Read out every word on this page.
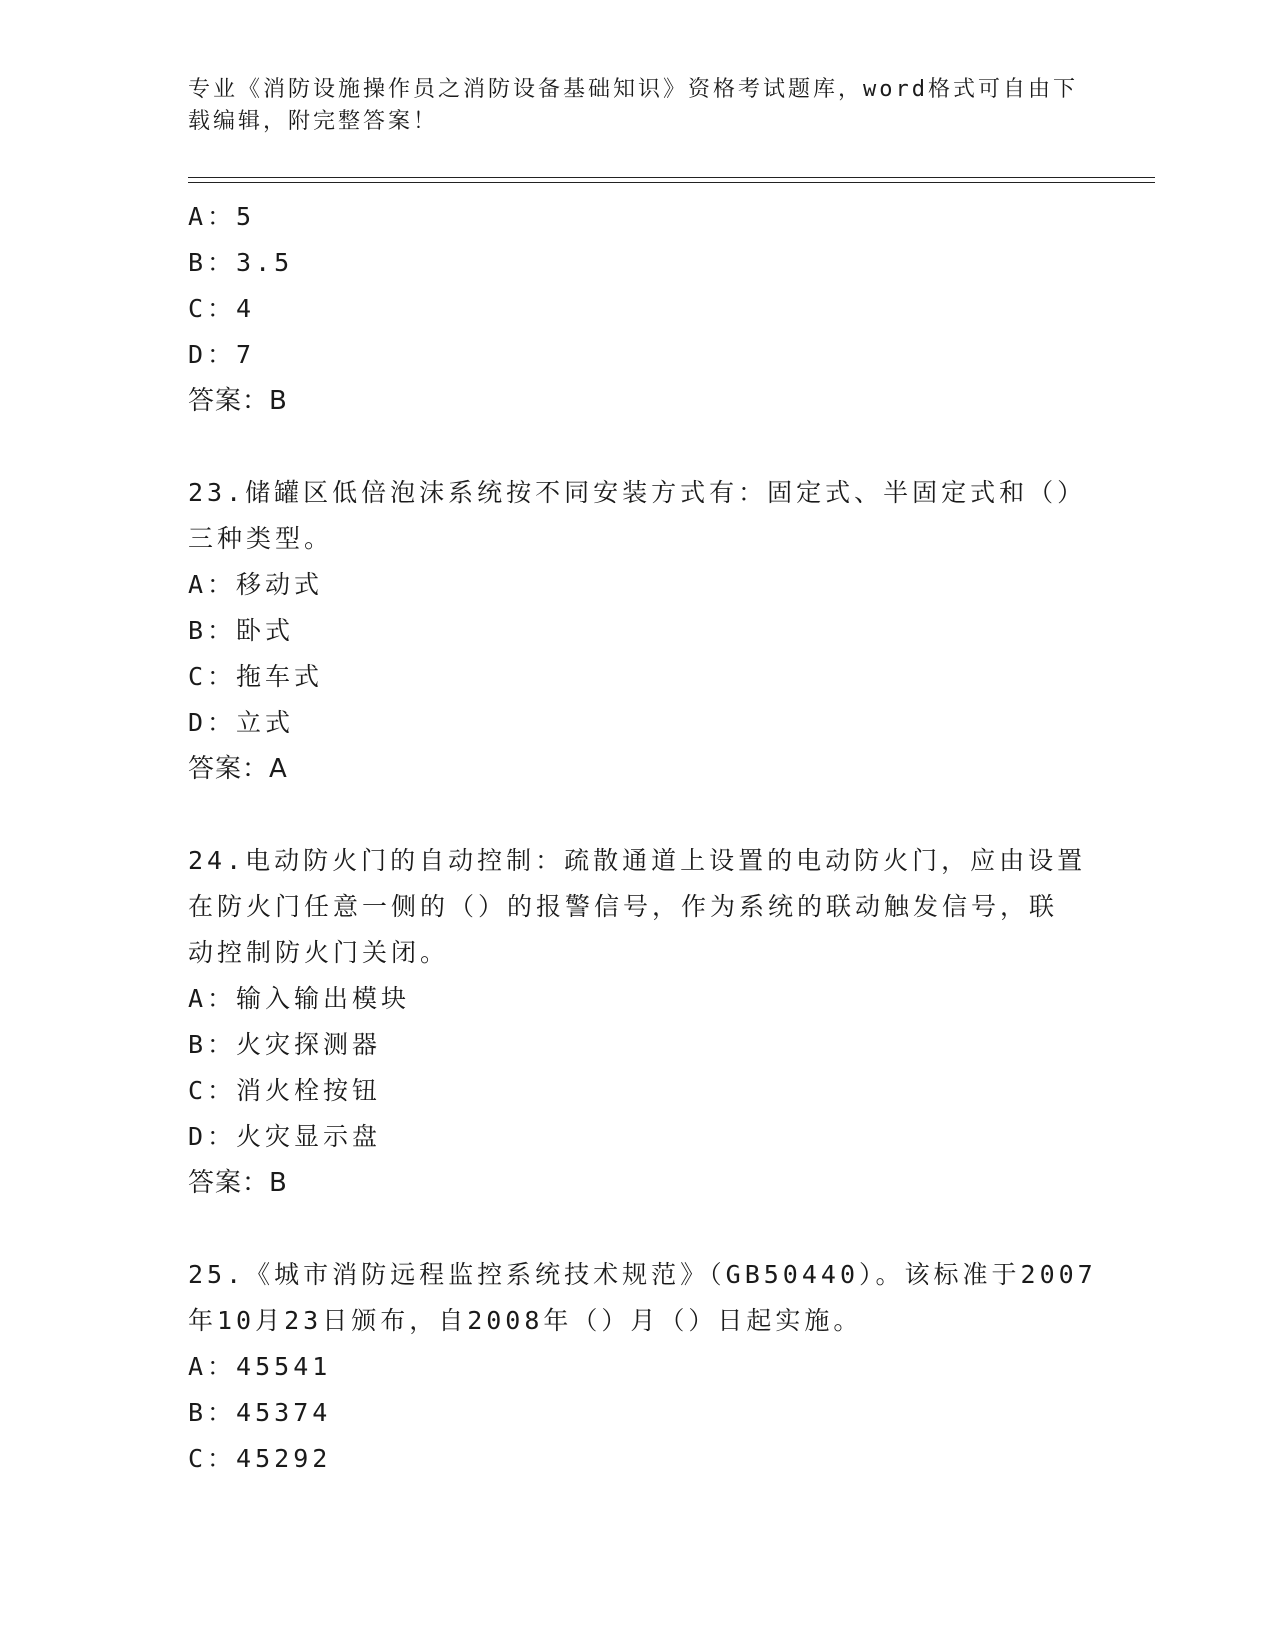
专业《消防设施操作员之消防设备基础知识》资格考试题库，word格式可自由下
载编辑，附完整答案！
A：5
B：3.5
C：4
D：7
答案：B
23.储罐区低倍泡沫系统按不同安装方式有：固定式、半固定式和（）
三种类型。
A：移动式
B：卧式
C：拖车式
D：立式
答案：A
24.电动防火门的自动控制：疏散通道上设置的电动防火门，应由设置
在防火门任意一侧的（）的报警信号，作为系统的联动触发信号，联
动控制防火门关闭。
A：输入输出模块
B：火灾探测器
C：消火栓按钮
D：火灾显示盘
答案：B
25.《城市消防远程监控系统技术规范》（GB50440）。该标准于2007
年10月23日颁布，自2008年（）月（）日起实施。
A：45541
B：45374
C：45292
